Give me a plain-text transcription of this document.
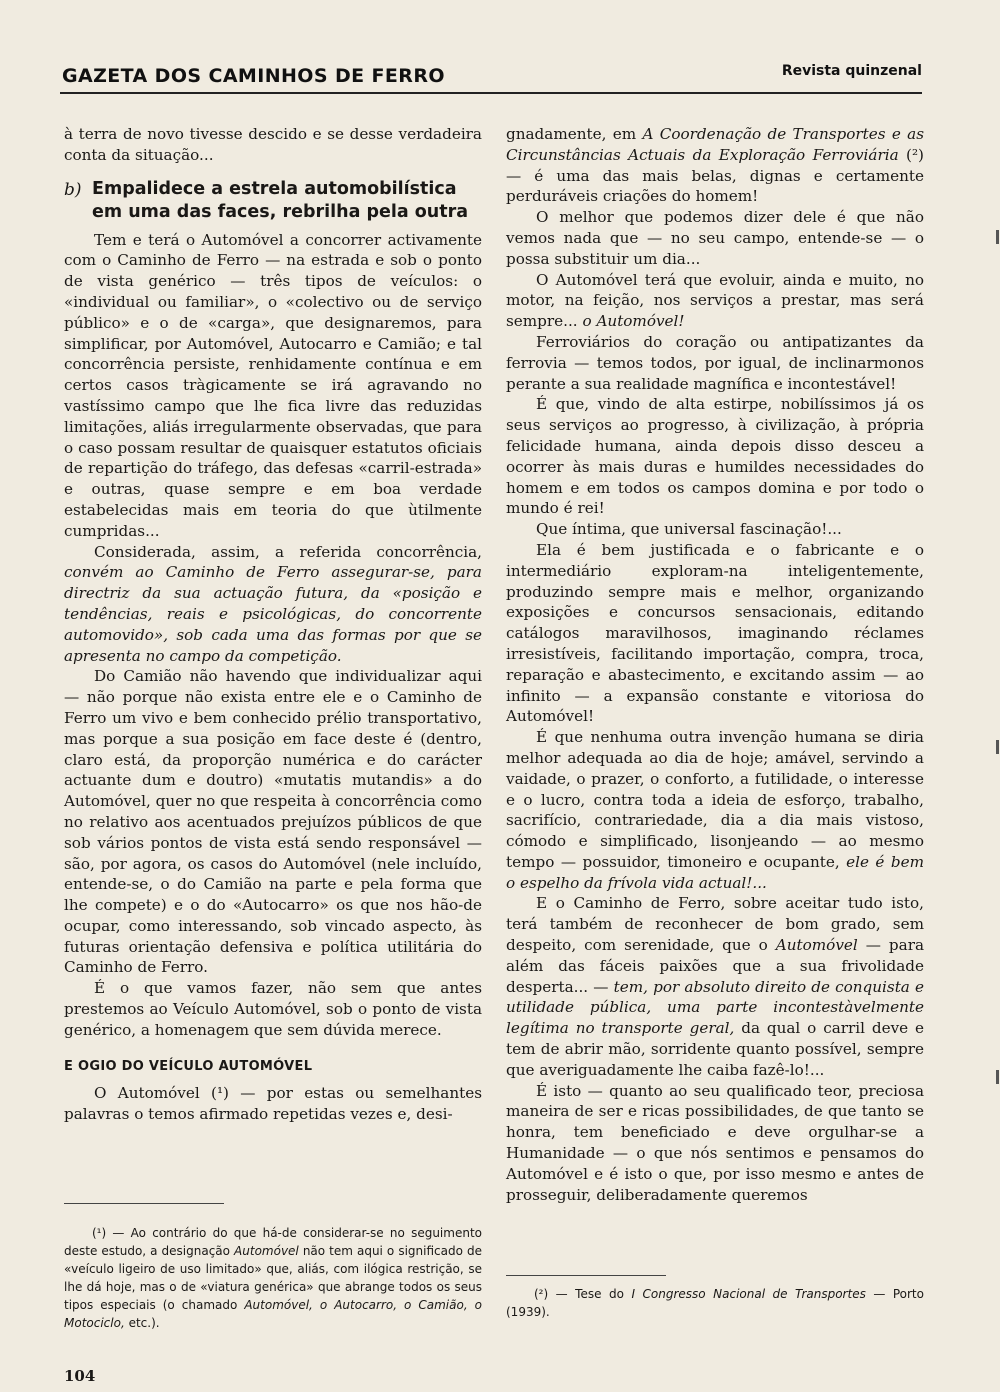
GAZETA DOS CAMINHOS DE FERRO	Revista quinzenal

à terra de novo tivesse descido e se desse verdadeira conta da situação...

b) Empalidece a estrela automobilística em uma das faces, rebrilha pela outra

Tem e terá o Automóvel a concorrer activamente com o Caminho de Ferro — na estrada e sob o ponto de vista genérico — três tipos de veículos: o «individual ou familiar», o «colectivo ou de serviço público» e o de «carga», que designaremos, para simplificar, por Automóvel, Autocarro e Camião; e tal concorrência persiste, renhidamente contínua e em certos casos tràgicamente se irá agravando no vastíssimo campo que lhe fica livre das reduzidas limitações, aliás irregularmente observadas, que para o caso possam resultar de quaisquer estatutos oficiais de repartição do tráfego, das defesas «carril-estrada» e outras, quase sempre e em boa verdade estabelecidas mais em teoria do que ùtilmente cumpridas...

Considerada, assim, a referida concorrência, convém ao Caminho de Ferro assegurar-se, para directriz da sua actuação futura, da «posição e tendências, reais e psicológicas, do concorrente automovido», sob cada uma das formas por que se apresenta no campo da competição.

Do Camião não havendo que individualizar aqui — não porque não exista entre ele e o Caminho de Ferro um vivo e bem conhecido prélio transportativo, mas porque a sua posição em face deste é (dentro, claro está, da proporção numérica e do carácter actuante dum e doutro) «mutatis mutandis» a do Automóvel, quer no que respeita à concorrência como no relativo aos acentuados prejuízos públicos de que sob vários pontos de vista está sendo responsável — são, por agora, os casos do Automóvel (nele incluído, entende-se, o do Camião na parte e pela forma que lhe compete) e o do «Autocarro» os que nos hão-de ocupar, como interessando, sob vincado aspecto, às futuras orientação defensiva e política utilitária do Caminho de Ferro.

É o que vamos fazer, não sem que antes prestemos ao Veículo Automóvel, sob o ponto de vista genérico, a homenagem que sem dúvida merece.

E OGIO DO VEÍCULO AUTOMÓVEL

O Automóvel (¹) — por estas ou semelhantes palavras o temos afirmado repetidas vezes e, desi-

gnadamente, em A Coordenação de Transportes e as Circunstâncias Actuais da Exploração Ferroviária (²) — é uma das mais belas, dignas e certamente perduráveis criações do homem!

O melhor que podemos dizer dele é que não vemos nada que — no seu campo, entende-se — o possa substituir um dia...

O Automóvel terá que evoluir, ainda e muito, no motor, na feição, nos serviços a prestar, mas será sempre... o Automóvel!

Ferroviários do coração ou antipatizantes da ferrovia — temos todos, por igual, de inclinarmonos perante a sua realidade magnífica e incontestável!

É que, vindo de alta estirpe, nobilíssimos já os seus serviços ao progresso, à civilização, à própria felicidade humana, ainda depois disso desceu a ocorrer às mais duras e humildes necessidades do homem e em todos os campos domina e por todo o mundo é rei!

Que íntima, que universal fascinação!...

Ela é bem justificada e o fabricante e o intermediário exploram-na inteligentemente, produzindo sempre mais e melhor, organizando exposições e concursos sensacionais, editando catálogos maravilhosos, imaginando réclames irresistíveis, facilitando importação, compra, troca, reparação e abastecimento, e excitando assim — ao infinito — a expansão constante e vitoriosa do Automóvel!

É que nenhuma outra invenção humana se diria melhor adequada ao dia de hoje; amável, servindo a vaidade, o prazer, o conforto, a futilidade, o interesse e o lucro, contra toda a ideia de esforço, trabalho, sacrifício, contrariedade, dia a dia mais vistoso, cómodo e simplificado, lisonjeando — ao mesmo tempo — possuidor, timoneiro e ocupante, ele é bem o espelho da frívola vida actual!...

E o Caminho de Ferro, sobre aceitar tudo isto, terá também de reconhecer de bom grado, sem despeito, com serenidade, que o Automóvel — para além das fáceis paixões que a sua frivolidade desperta... — tem, por absoluto direito de conquista e utilidade pública, uma parte incontestàvelmente legítima no transporte geral, da qual o carril deve e tem de abrir mão, sorridente quanto possível, sempre que averiguadamente lhe caiba fazê-lo!...

É isto — quanto ao seu qualificado teor, preciosa maneira de ser e ricas possibilidades, de que tanto se honra, tem beneficiado e deve orgulhar-se a Humanidade — o que nós sentimos e pensamos do Automóvel e é isto o que, por isso mesmo e antes de prosseguir, deliberadamente queremos

(¹) — Ao contrário do que há-de considerar-se no seguimento deste estudo, a designação Automóvel não tem aqui o significado de «veículo ligeiro de uso limitado» que, aliás, com ilógica restrição, se lhe dá hoje, mas o de «viatura genérica» que abrange todos os seus tipos especiais (o chamado Automóvel, o Autocarro, o Camião, o Motociclo, etc.).
(²) — Tese do I Congresso Nacional de Transportes — Porto (1939).
104
